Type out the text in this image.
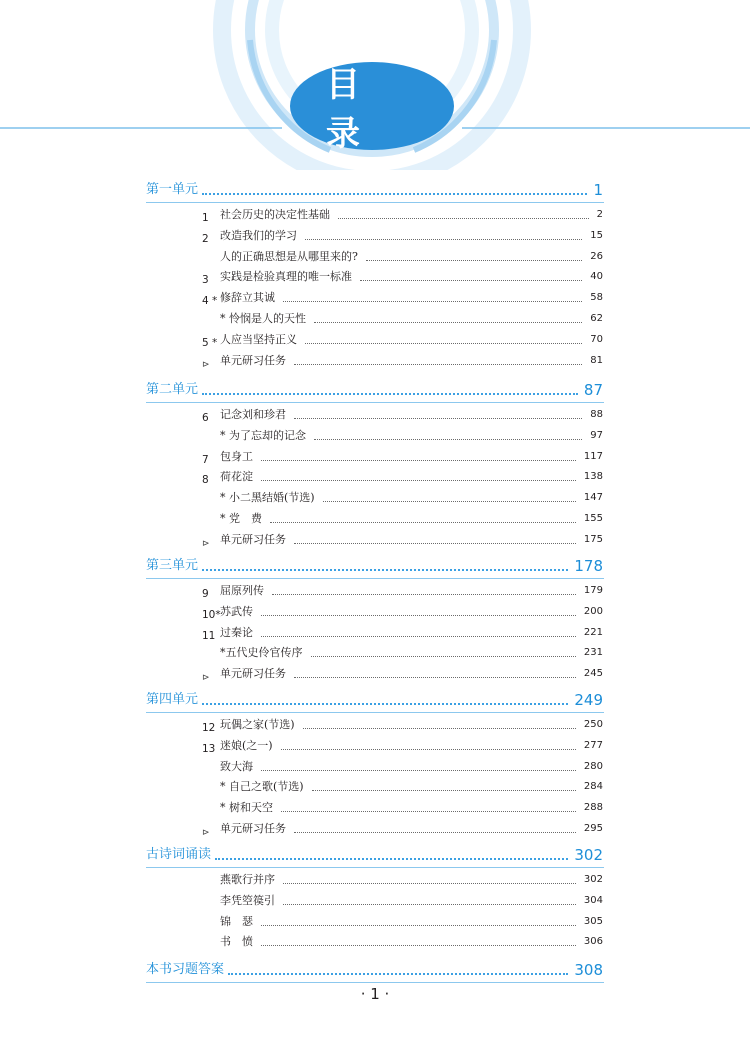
目 录
第一单元	1
1	社会历史的决定性基础	2
2	改造我们的学习	15
人的正确思想是从哪里来的?	26
3	实践是检验真理的唯一标准	40
4 * 修辞立其诚	58
* 怜悯是人的天性	62
5 * 人应当坚持正义	70
⊳ 单元研习任务	81
第二单元	87
6	记念刘和珍君	88
* 为了忘却的记念	97
7	包身工	117
8	荷花淀	138
* 小二黑结婚(节选)	147
* 党　费	155
⊳ 单元研习任务	175
第三单元	178
9	屈原列传	179
10* 苏武传	200
11 过秦论	221
*五代史伶官传序	231
⊳ 单元研习任务	245
第四单元	249
12 玩偶之家(节选)	250
13 迷娘(之一)	277
致大海	280
* 自己之歌(节选)	284
* 树和天空	288
⊳ 单元研习任务	295
古诗词诵读	302
燕歌行并序	302
李凭箜篌引	304
锦　瑟	305
书　愤	306
本书习题答案	308
· 1 ·
